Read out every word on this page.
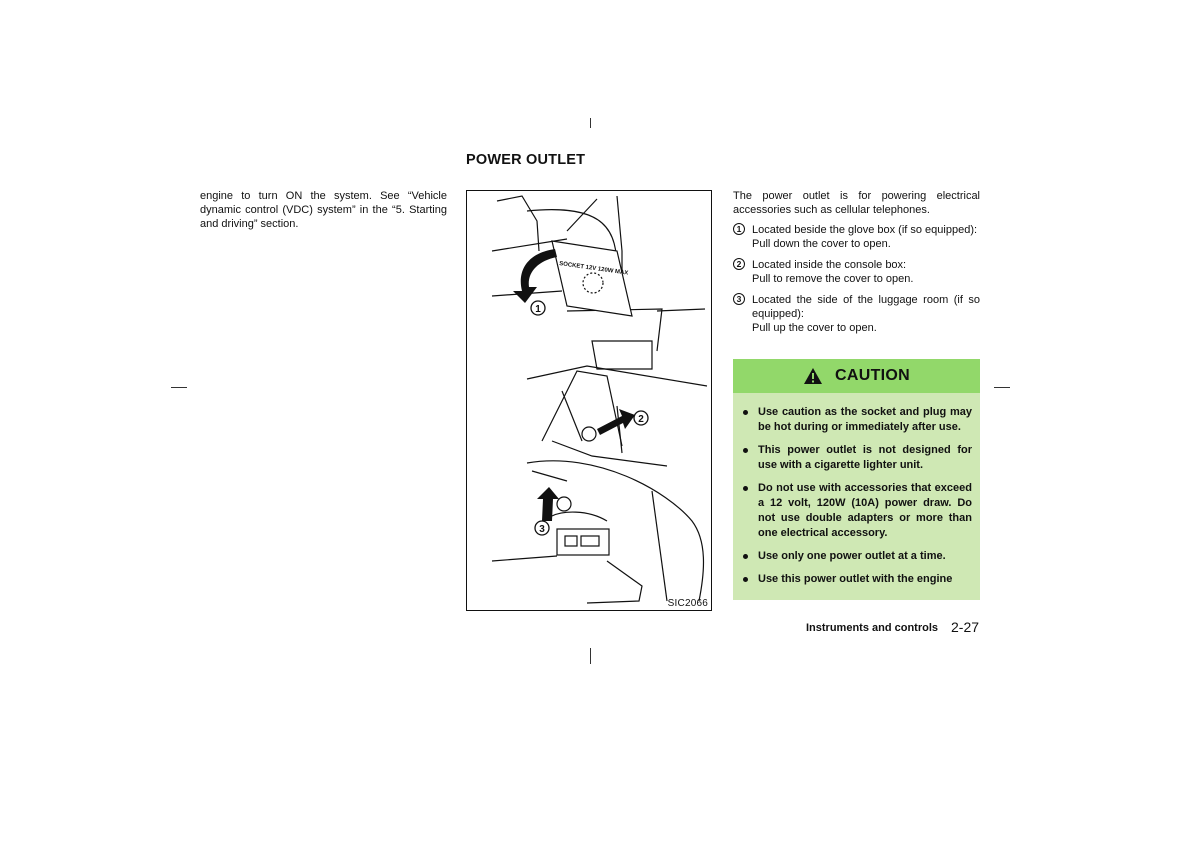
POWER OUTLET

engine to turn ON the system. See “Vehicle dynamic control (VDC) system” in the “5. Starting and driving” section.

SOCKET 12V 120W MAX
1
2
3
SIC2066

The power outlet is for powering electrical accessories such as cellular telephones.

1 Located beside the glove box (if so equipped):
Pull down the cover to open.
2 Located inside the console box:
Pull to remove the cover to open.
3 Located the side of the luggage room (if so equipped):
Pull up the cover to open.
CAUTION
Use caution as the socket and plug may be hot during or immediately after use.
This power outlet is not designed for use with a cigarette lighter unit.
Do not use with accessories that exceed a 12 volt, 120W (10A) power draw. Do not use double adapters or more than one electrical accessory.
Use only one power outlet at a time.
Use this power outlet with the engine
Instruments and controls 2-27
